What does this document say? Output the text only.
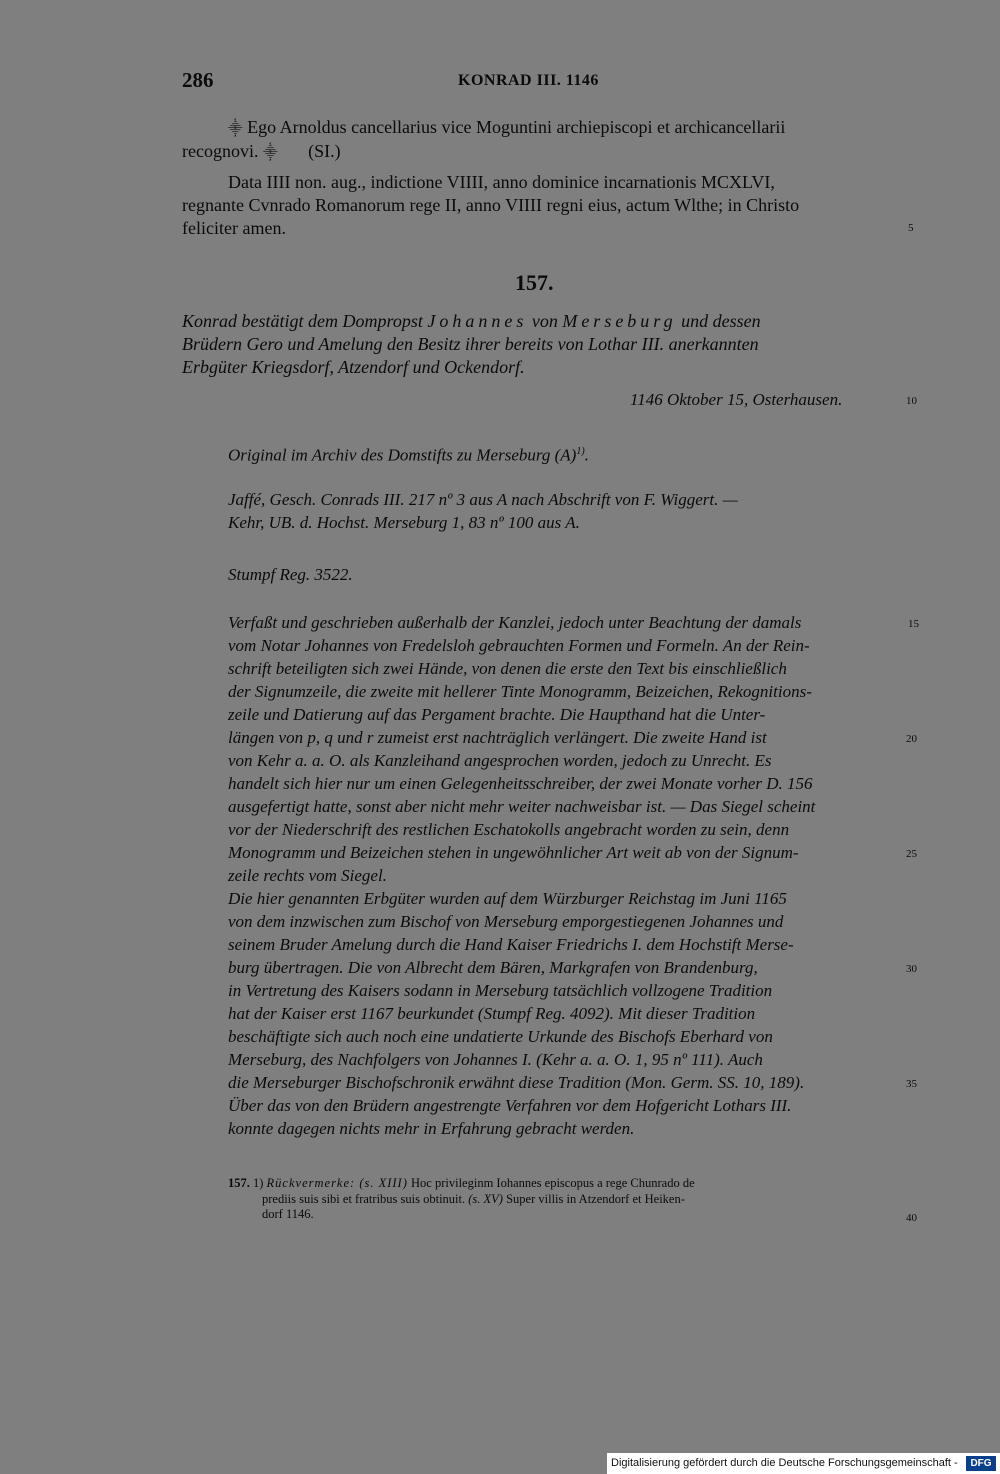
286	KONRAD III. 1146
⸎ Ego Arnoldus cancellarius vice Moguntini archiepiscopi et archicancellarii
recognovi. ⸎ (SI.)
Data IIII non. aug., indictione VIIII, anno dominice incarnationis MCXLVI,
regnante Cvnrado Romanorum rege II, anno VIIII regni eius, actum Wlthe; in Christo
feliciter amen.	5
157.
Konrad bestätigt dem Dompropst Johannes von Merseburg und dessen
Brüdern Gero und Amelung den Besitz ihrer bereits von Lothar III. anerkannten
Erbgüter Kriegsdorf, Atzendorf und Ockendorf.
1146 Oktober 15, Osterhausen.	10
Original im Archiv des Domstifts zu Merseburg $(A)^{1)}$.
Jaffé, Gesch. Conrads III. 217 nº 3 aus A nach Abschrift von F. Wiggert. —
Kehr, UB. d. Hochst. Merseburg 1, 83 nº 100 aus A.
Stumpf Reg. 3522.
Verfaßt und geschrieben außerhalb der Kanzlei, jedoch unter Beachtung der damals
vom Notar Johannes von Fredelsloh gebrauchten Formen und Formeln. An der Rein-
schrift beteiligten sich zwei Hände, von denen die erste den Text bis einschließlich
der Signumzeile, die zweite mit hellerer Tinte Monogramm, Beizeichen, Rekognitions-
zeile und Datierung auf das Pergament brachte. Die Haupthand hat die Unter-
längen von p, q und r zumeist erst nachträglich verlängert. Die zweite Hand ist
von Kehr a. a. O. als Kanzleihand angesprochen worden, jedoch zu Unrecht. Es
handelt sich hier nur um einen Gelegenheitsschreiber, der zwei Monate vorher D. 156
ausgefertigt hatte, sonst aber nicht mehr weiter nachweisbar ist. — Das Siegel scheint
vor der Niederschrift des restlichen Eschatokolls angebracht worden zu sein, denn
Monogramm und Beizeichen stehen in ungewöhnlicher Art weit ab von der Signum-
zeile rechts vom Siegel.
Die hier genannten Erbgüter wurden auf dem Würzburger Reichstag im Juni 1165
von dem inzwischen zum Bischof von Merseburg emporgestiegenen Johannes und
seinem Bruder Amelung durch die Hand Kaiser Friedrichs I. dem Hochstift Merse-
burg übertragen. Die von Albrecht dem Bären, Markgrafen von Brandenburg,
in Vertretung des Kaisers sodann in Merseburg tatsächlich vollzogene Tradition
hat der Kaiser erst 1167 beurkundet (Stumpf Reg. 4092). Mit dieser Tradition
beschäftigte sich auch noch eine undatierte Urkunde des Bischofs Eberhard von
Merseburg, des Nachfolgers von Johannes I. (Kehr a. a. O. 1, 95 nº 111). Auch
die Merseburger Bischofschronik erwähnt diese Tradition (Mon. Germ. SS. 10, 189).
Über das von den Brüdern angestrengte Verfahren vor dem Hofgericht Lothars III.
konnte dagegen nichts mehr in Erfahrung gebracht werden.
15
20
25
30
35
157. 1) Rückvermerke: (s. XIII) Hoc privileginm Iohannes episcopus a rege Chunrado de
prediis suis sibi et fratribus suis obtinuit. (s. XV) Super villis in Atzendorf et Heiken-
dorf 1146.	40
Digitalisierung gefördert durch die Deutsche Forschungsgemeinschaft -	DFG
